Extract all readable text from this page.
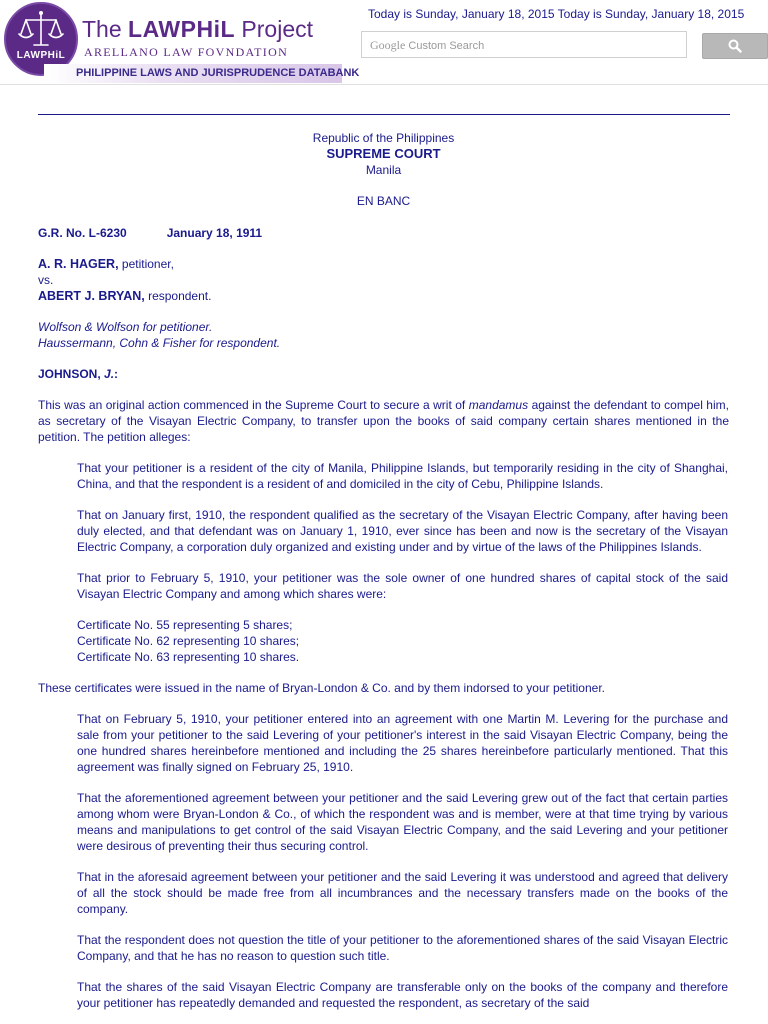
LAWPHiL
The LAWPHiL Project
ARELLANO LAW FOVNDATION
PHILIPPINE LAWS AND JURISPRUDENCE DATABANK
Today is Sunday, January 18, 2015 Today is Sunday, January 18, 2015
Google Custom Search

Republic of the Philippines

SUPREME COURT

Manila

EN BANC
G.R. No. L-6230	January 18, 1911

A. R. HAGER, petitioner,

vs.

ABERT J. BRYAN, respondent.

Wolfson & Wolfson for petitioner.

Haussermann, Cohn & Fisher for respondent.

JOHNSON, J.:

This was an original action commenced in the Supreme Court to secure a writ of mandamus against the defendant to compel him, as secretary of the Visayan Electric Company, to transfer upon the books of said company certain shares mentioned in the petition. The petition alleges:

That your petitioner is a resident of the city of Manila, Philippine Islands, but temporarily residing in the city of Shanghai, China, and that the respondent is a resident of and domiciled in the city of Cebu, Philippine Islands.

That on January first, 1910, the respondent qualified as the secretary of the Visayan Electric Company, after having been duly elected, and that defendant was on January 1, 1910, ever since has been and now is the secretary of the Visayan Electric Company, a corporation duly organized and existing under and by virtue of the laws of the Philippines Islands.

That prior to February 5, 1910, your petitioner was the sole owner of one hundred shares of capital stock of the said Visayan Electric Company and among which shares were:

Certificate No. 55 representing 5 shares;

Certificate No. 62 representing 10 shares;

Certificate No. 63 representing 10 shares.

These certificates were issued in the name of Bryan-London & Co. and by them indorsed to your petitioner.

That on February 5, 1910, your petitioner entered into an agreement with one Martin M. Levering for the purchase and sale from your petitioner to the said Levering of your petitioner's interest in the said Visayan Electric Company, being the one hundred shares hereinbefore mentioned and including the 25 shares hereinbefore particularly mentioned. That this agreement was finally signed on February 25, 1910.

That the aforementioned agreement between your petitioner and the said Levering grew out of the fact that certain parties among whom were Bryan-London & Co., of which the respondent was and is member, were at that time trying by various means and manipulations to get control of the said Visayan Electric Company, and the said Levering and your petitioner were desirous of preventing their thus securing control.

That in the aforesaid agreement between your petitioner and the said Levering it was understood and agreed that delivery of all the stock should be made free from all incumbrances and the necessary transfers made on the books of the company.

That the respondent does not question the title of your petitioner to the aforementioned shares of the said Visayan Electric Company, and that he has no reason to question such title.

That the shares of the said Visayan Electric Company are transferable only on the books of the company and therefore your petitioner has repeatedly demanded and requested the respondent, as secretary of the said
